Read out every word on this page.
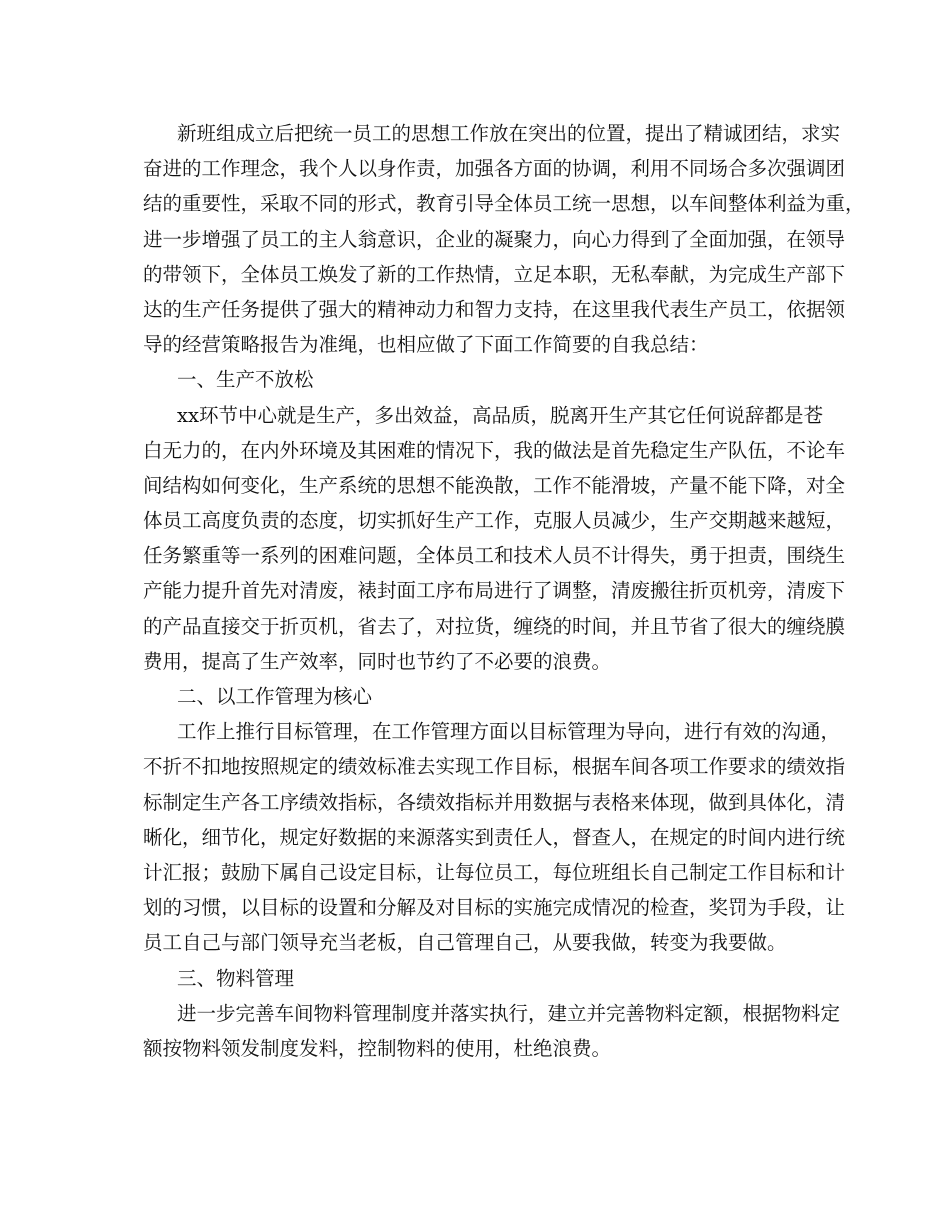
新班组成立后把统一员工的思想工作放在突出的位置，提出了精诚团结，求实
奋进的工作理念，我个人以身作责，加强各方面的协调，利用不同场合多次强调团
结的重要性，采取不同的形式，教育引导全体员工统一思想，以车间整体利益为重，
进一步增强了员工的主人翁意识，企业的凝聚力，向心力得到了全面加强，在领导
的带领下，全体员工焕发了新的工作热情，立足本职，无私奉献，为完成生产部下
达的生产任务提供了强大的精神动力和智力支持，在这里我代表生产员工，依据领
导的经营策略报告为准绳，也相应做了下面工作简要的自我总结：
一、生产不放松
xx环节中心就是生产，多出效益，高品质，脱离开生产其它任何说辞都是苍
白无力的，在内外环境及其困难的情况下，我的做法是首先稳定生产队伍，不论车
间结构如何变化，生产系统的思想不能涣散，工作不能滑坡，产量不能下降，对全
体员工高度负责的态度，切实抓好生产工作，克服人员减少，生产交期越来越短，
任务繁重等一系列的困难问题，全体员工和技术人员不计得失，勇于担责，围绕生
产能力提升首先对清废，裱封面工序布局进行了调整，清废搬往折页机旁，清废下
的产品直接交于折页机，省去了，对拉货，缠绕的时间，并且节省了很大的缠绕膜
费用，提高了生产效率，同时也节约了不必要的浪费。
二、以工作管理为核心
工作上推行目标管理，在工作管理方面以目标管理为导向，进行有效的沟通，
不折不扣地按照规定的绩效标准去实现工作目标，根据车间各项工作要求的绩效指
标制定生产各工序绩效指标，各绩效指标并用数据与表格来体现，做到具体化，清
晰化，细节化，规定好数据的来源落实到责任人，督查人，在规定的时间内进行统
计汇报；鼓励下属自己设定目标，让每位员工，每位班组长自己制定工作目标和计
划的习惯，以目标的设置和分解及对目标的实施完成情况的检查，奖罚为手段，让
员工自己与部门领导充当老板，自己管理自己，从要我做，转变为我要做。
三、物料管理
进一步完善车间物料管理制度并落实执行，建立并完善物料定额，根据物料定
额按物料领发制度发料，控制物料的使用，杜绝浪费。
